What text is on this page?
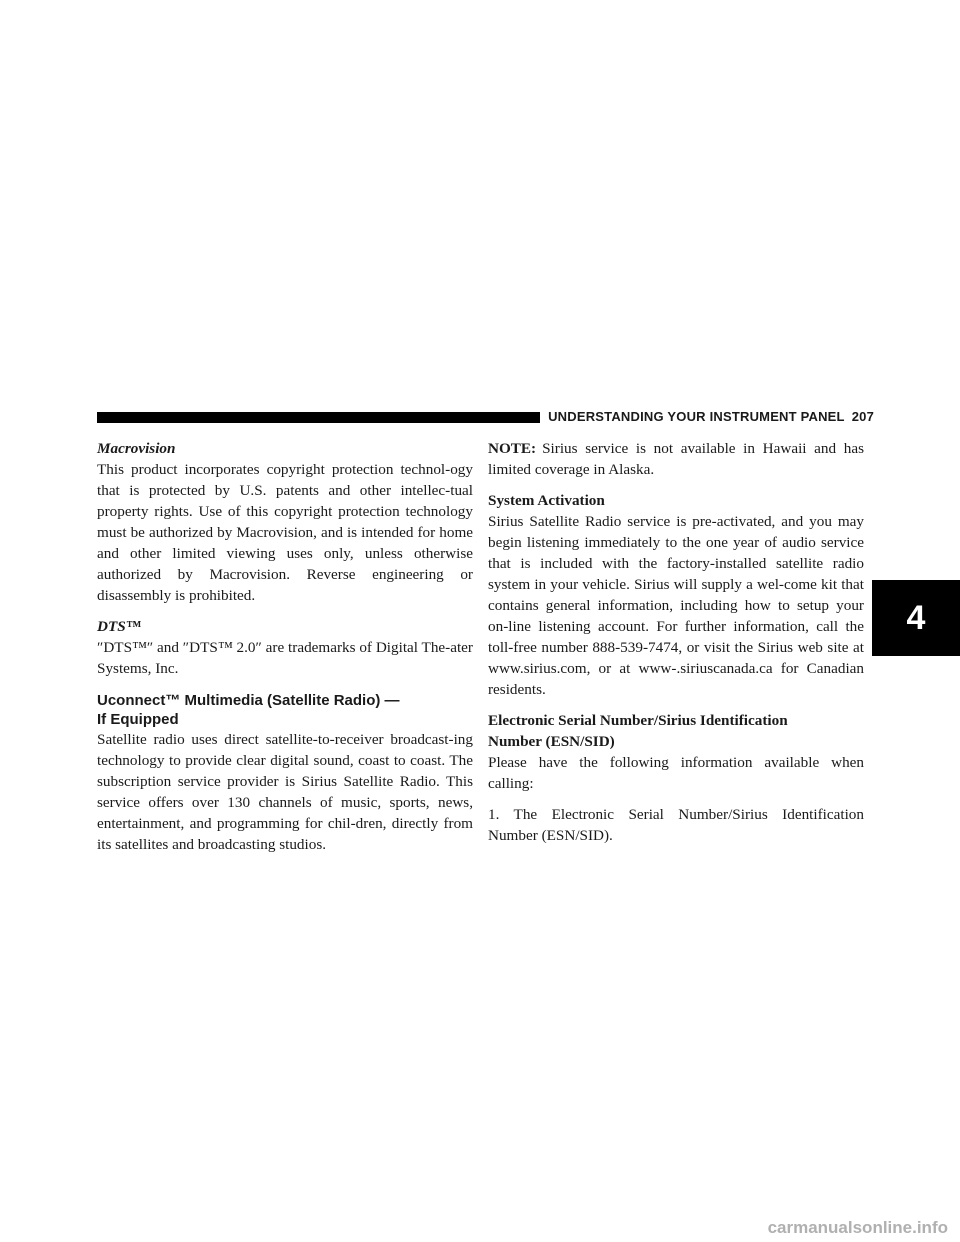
UNDERSTANDING YOUR INSTRUMENT PANEL 207
4

Macrovision

This product incorporates copyright protection technol-ogy that is protected by U.S. patents and other intellec-tual property rights. Use of this copyright protection technology must be authorized by Macrovision, and is intended for home and other limited viewing uses only, unless otherwise authorized by Macrovision. Reverse engineering or disassembly is prohibited.

DTS™

″DTS™″ and ″DTS™ 2.0″ are trademarks of Digital The-ater Systems, Inc.

Uconnect™ Multimedia (Satellite Radio) —
If Equipped

Satellite radio uses direct satellite-to-receiver broadcast-ing technology to provide clear digital sound, coast to coast. The subscription service provider is Sirius Satellite Radio. This service offers over 130 channels of music, sports, news, entertainment, and programming for chil-dren, directly from its satellites and broadcasting studios.

NOTE: Sirius service is not available in Hawaii and has limited coverage in Alaska.

System Activation

Sirius Satellite Radio service is pre-activated, and you may begin listening immediately to the one year of audio service that is included with the factory-installed satellite radio system in your vehicle. Sirius will supply a wel-come kit that contains general information, including how to setup your on-line listening account. For further information, call the toll-free number 888-539-7474, or visit the Sirius web site at www.sirius.com, or at www-.siriuscanada.ca for Canadian residents.

Electronic Serial Number/Sirius Identification
Number (ESN/SID)

Please have the following information available when calling:

1. The Electronic Serial Number/Sirius Identification Number (ESN/SID).

carmanualsonline.info
